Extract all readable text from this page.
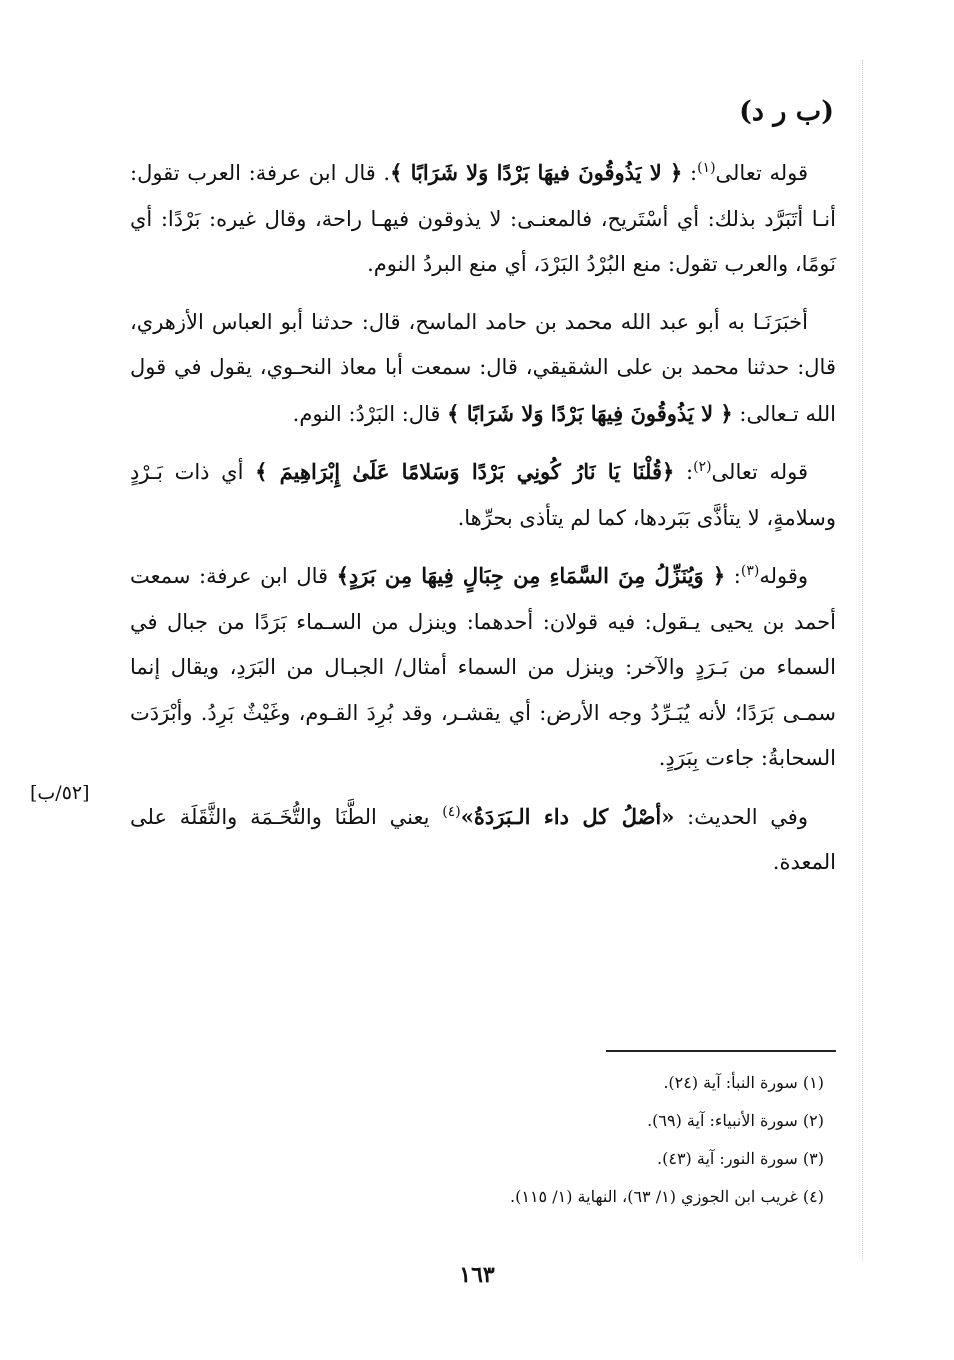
(ب ر د)

قوله تعالى$^{(١)}$: ﴿ لا يَذُوقُونَ فيهَا بَرْدًا وَلا شَرَابًا ﴾. قال ابن عرفة: العرب تقول: أنـا أتَبَرَّد بذلك: أي أسْتَريح، فالمعنـى: لا يذوقون فيهـا راحة، وقال غيره: بَرْدًا: أي نَومًا، والعرب تقول: منع البُرْدُ البَرْدَ، أي منع البردُ النوم.

أخبَرَنَـا به أبو عبد الله محمد بن حامد الماسح، قال: حدثنا أبو العباس الأزهري، قال: حدثنا محمد بن على الشقيقي، قال: سمعت أبا معاذ النحـوي، يقول في قول الله تـعالى: ﴿ لا يَذُوقُونَ فِيهَا بَرْدًا وَلا شَرَابًا ﴾ قال: البَرْدُ: النوم.

قوله تعالى$^{(٢)}$: ﴿قُلْنَا يَا نَارُ كُونِي بَرْدًا وَسَلامًا عَلَىٰ إِبْرَاهِيمَ ﴾ أي ذات بَـرْدٍ وسلامةٍ، لا يتأذَّى بَبَردها، كما لم يتأذى بحرِّها.

وقوله$^{(٣)}$: ﴿ وَيُنَزِّلُ مِنَ السَّمَاءِ مِن جِبَالٍ فِيهَا مِن بَرَدٍ﴾ قال ابن عرفة: سمعت أحمد بن يحيى يـقول: فيه قولان: أحدهما: وينزل من السـماء بَرَدًا من جبال في السماء من بَـرَدٍ والآخر: وينزل من السماء أمثال/ الجبـال من البَرَدِ، ويقال إنما سمـى بَرَدًا؛ لأنه يُبَـرِّدُ وجه الأرض: أي يقشـر، وقد بُرِدَ القـوم، وغَيْثٌ بَرِدُ. وأبْرَدَت السحابةُ: جاءت بِبَرَدٍ.

وفي الحديث: «أصْلُ كل داء الـبَرَدَةُ»$^{(٤)}$ يعني الطَّنَا والتُّخَـمَة والثَّقَلَة على المعدة.

[٥٢/ب]
(١) سورة النبأ: آية (٢٤).
(٢) سورة الأنبياء: آية (٦٩).
(٣) سورة النور: آية (٤٣).
(٤) غريب ابن الجوزي (١/ ٦٣)، النهاية (١/ ١١٥).
١٦٣
